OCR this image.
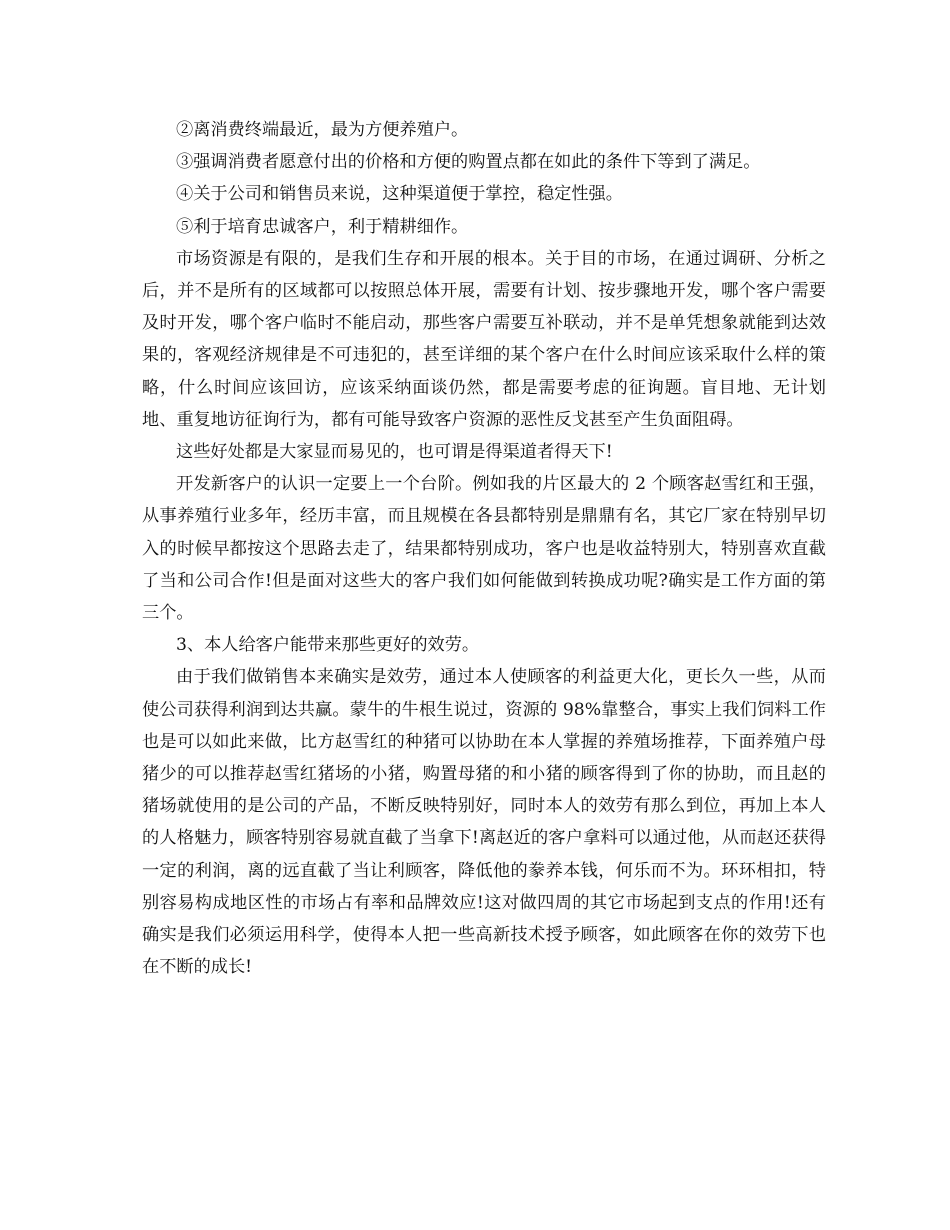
②离消费终端最近，最为方便养殖户。

③强调消费者愿意付出的价格和方便的购置点都在如此的条件下等到了满足。

④关于公司和销售员来说，这种渠道便于掌控，稳定性强。

⑤利于培育忠诚客户，利于精耕细作。

市场资源是有限的，是我们生存和开展的根本。关于目的市场，在通过调研、分析之后，并不是所有的区域都可以按照总体开展，需要有计划、按步骤地开发，哪个客户需要及时开发，哪个客户临时不能启动，那些客户需要互补联动，并不是单凭想象就能到达效果的，客观经济规律是不可违犯的，甚至详细的某个客户在什么时间应该采取什么样的策略，什么时间应该回访，应该采纳面谈仍然，都是需要考虑的征询题。盲目地、无计划地、重复地访征询行为，都有可能导致客户资源的恶性反戈甚至产生负面阻碍。

这些好处都是大家显而易见的，也可谓是得渠道者得天下!

开发新客户的认识一定要上一个台阶。例如我的片区最大的 2 个顾客赵雪红和王强，从事养殖行业多年，经历丰富，而且规模在各县都特别是鼎鼎有名，其它厂家在特别早切入的时候早都按这个思路去走了，结果都特别成功，客户也是收益特别大，特别喜欢直截了当和公司合作!但是面对这些大的客户我们如何能做到转换成功呢?确实是工作方面的第三个。

3、本人给客户能带来那些更好的效劳。

由于我们做销售本来确实是效劳，通过本人使顾客的利益更大化，更长久一些，从而使公司获得利润到达共赢。蒙牛的牛根生说过，资源的 98%靠整合，事实上我们饲料工作也是可以如此来做，比方赵雪红的种猪可以协助在本人掌握的养殖场推荐，下面养殖户母猪少的可以推荐赵雪红猪场的小猪，购置母猪的和小猪的顾客得到了你的协助，而且赵的猪场就使用的是公司的产品，不断反映特别好，同时本人的效劳有那么到位，再加上本人的人格魅力，顾客特别容易就直截了当拿下!离赵近的客户拿料可以通过他，从而赵还获得一定的利润，离的远直截了当让利顾客，降低他的豢养本钱，何乐而不为。环环相扣，特别容易构成地区性的市场占有率和品牌效应!这对做四周的其它市场起到支点的作用!还有确实是我们必须运用科学，使得本人把一些高新技术授予顾客，如此顾客在你的效劳下也在不断的成长!
